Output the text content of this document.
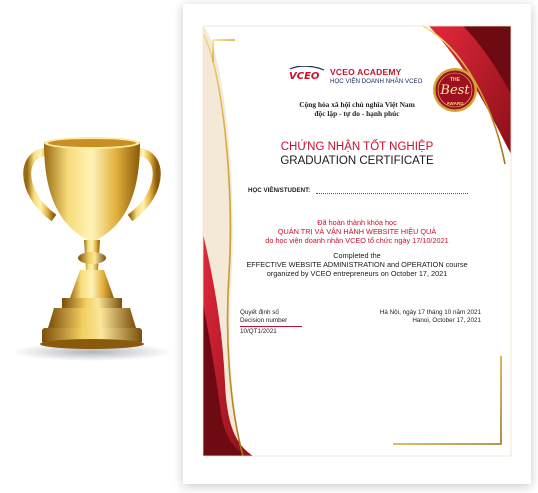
VCEO VCEO ACADEMY
HỌC VIỆN DOANH NHÂN VCEO	THE
Best
AWARD
Cộng hòa xã hội chủ nghĩa Việt Nam
độc lập - tự do - hạnh phúc
CHỨNG NHẬN TỐT NGHIỆP
GRADUATION CERTIFICATE
HỌC VIÊN/STUDENT:
Đã hoàn thành khóa học
QUẢN TRỊ VÀ VẬN HÀNH WEBSITE HIỆU QUẢ
do học viện doanh nhân VCEO tổ chức ngày 17/10/2021
Completed the
EFFECTIVE WEBSITE ADMINISTRATION and OPERATION course
organized by VCEO entrepreneurs on October 17, 2021
Quyết định số
Decision number
10/QT1/2021
Hà Nội, ngày 17 tháng 10 năm 2021
Hanoi, October 17, 2021
